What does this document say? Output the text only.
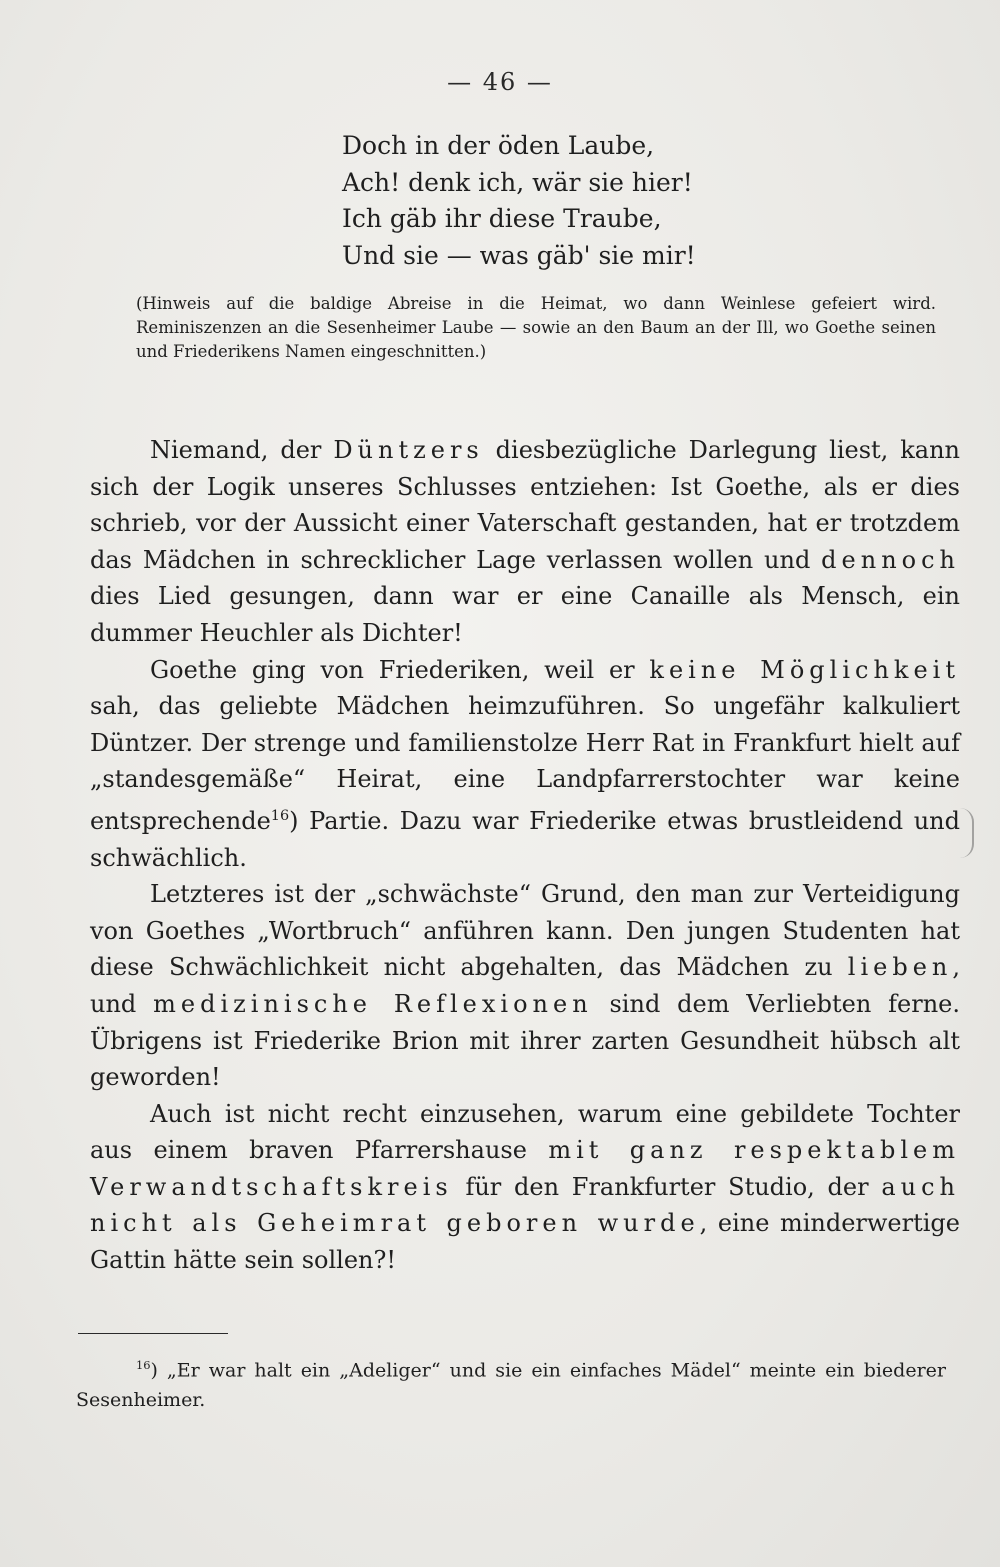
— 46 —
Doch in der öden Laube,
Ach! denk ich, wär sie hier!
Ich gäb ihr diese Traube,
Und sie — was gäb' sie mir!
(Hinweis auf die baldige Abreise in die Heimat, wo dann Weinlese gefeiert wird. Reminiszenzen an die Sesenheimer Laube — sowie an den Baum an der Ill, wo Goethe seinen und Friederikens Namen eingeschnitten.)

Niemand, der Düntzers diesbezügliche Darlegung liest, kann sich der Logik unseres Schlusses entziehen: Ist Goethe, als er dies schrieb, vor der Aussicht einer Vaterschaft gestanden, hat er trotzdem das Mädchen in schrecklicher Lage verlassen wollen und dennoch dies Lied gesungen, dann war er eine Canaille als Mensch, ein dummer Heuchler als Dichter!

Goethe ging von Friederiken, weil er keine Möglichkeit sah, das geliebte Mädchen heimzuführen. So ungefähr kalkuliert Düntzer. Der strenge und familienstolze Herr Rat in Frankfurt hielt auf „standesgemäße“ Heirat, eine Landpfarrerstochter war keine entsprechende$^{16}$) Partie. Dazu war Friederike etwas brustleidend und schwächlich.

Letzteres ist der „schwächste“ Grund, den man zur Verteidigung von Goethes „Wortbruch“ anführen kann. Den jungen Studenten hat diese Schwächlichkeit nicht abgehalten, das Mädchen zu lieben, und medizinische Reflexionen sind dem Verliebten ferne. Übrigens ist Friederike Brion mit ihrer zarten Gesundheit hübsch alt geworden!

Auch ist nicht recht einzusehen, warum eine gebildete Tochter aus einem braven Pfarrershause mit ganz respektablem Verwandtschaftskreis für den Frankfurter Studio, der auch nicht als Geheimrat geboren wurde, eine minderwertige Gattin hätte sein sollen?!

$^{16}$) „Er war halt ein „Adeliger“ und sie ein einfaches Mädel“ meinte ein biederer Sesenheimer.
